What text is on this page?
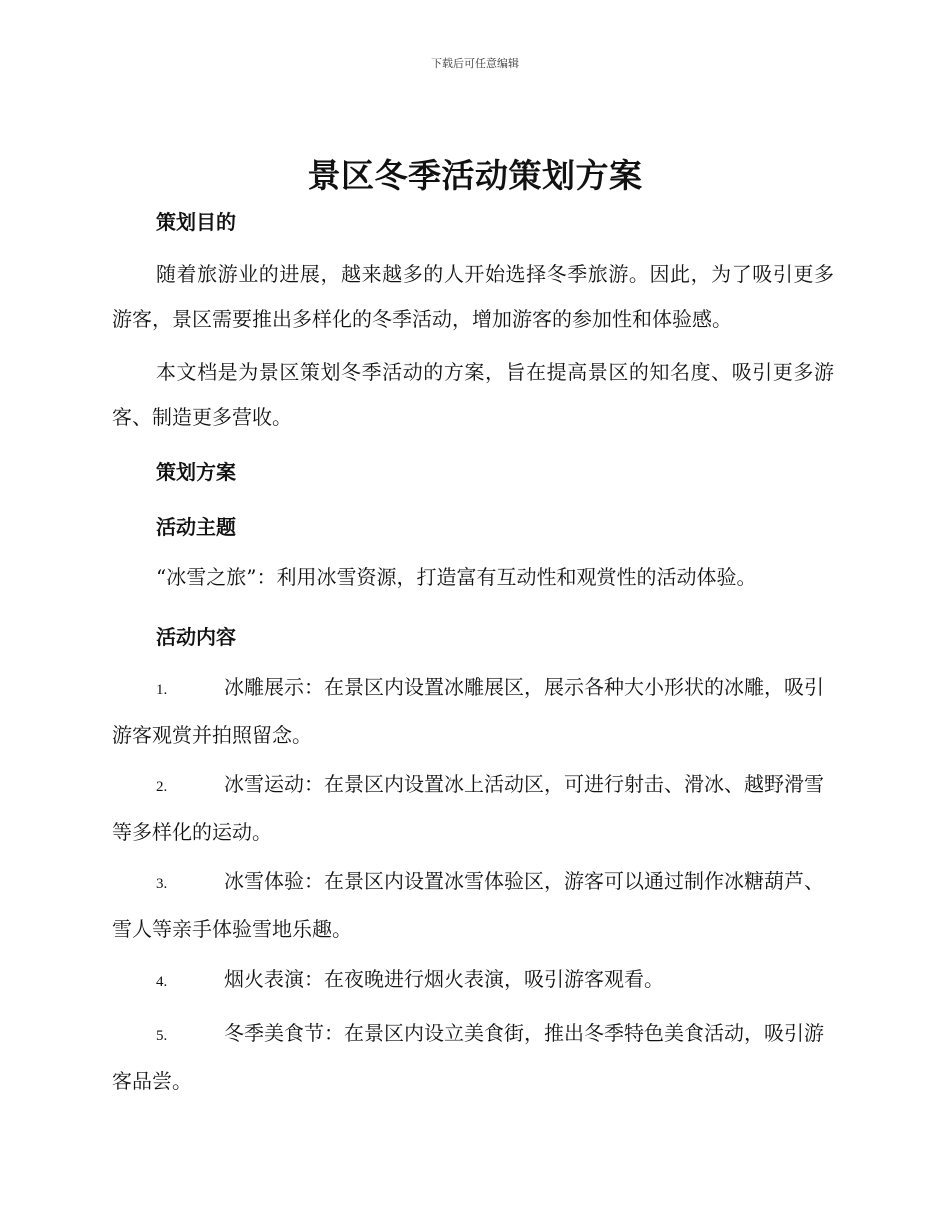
下载后可任意编辑
景区冬季活动策划方案
策划目的
随着旅游业的进展，越来越多的人开始选择冬季旅游。因此，为了吸引更多游客，景区需要推出多样化的冬季活动，增加游客的参加性和体验感。
本文档是为景区策划冬季活动的方案，旨在提高景区的知名度、吸引更多游客、制造更多营收。
策划方案
活动主题
“冰雪之旅”：利用冰雪资源，打造富有互动性和观赏性的活动体验。
活动内容
1.	冰雕展示：在景区内设置冰雕展区，展示各种大小形状的冰雕，吸引游客观赏并拍照留念。
2.	冰雪运动：在景区内设置冰上活动区，可进行射击、滑冰、越野滑雪等多样化的运动。
3.	冰雪体验：在景区内设置冰雪体验区，游客可以通过制作冰糖葫芦、雪人等亲手体验雪地乐趣。
4.	烟火表演：在夜晚进行烟火表演，吸引游客观看。
5.	冬季美食节：在景区内设立美食街，推出冬季特色美食活动，吸引游客品尝。
